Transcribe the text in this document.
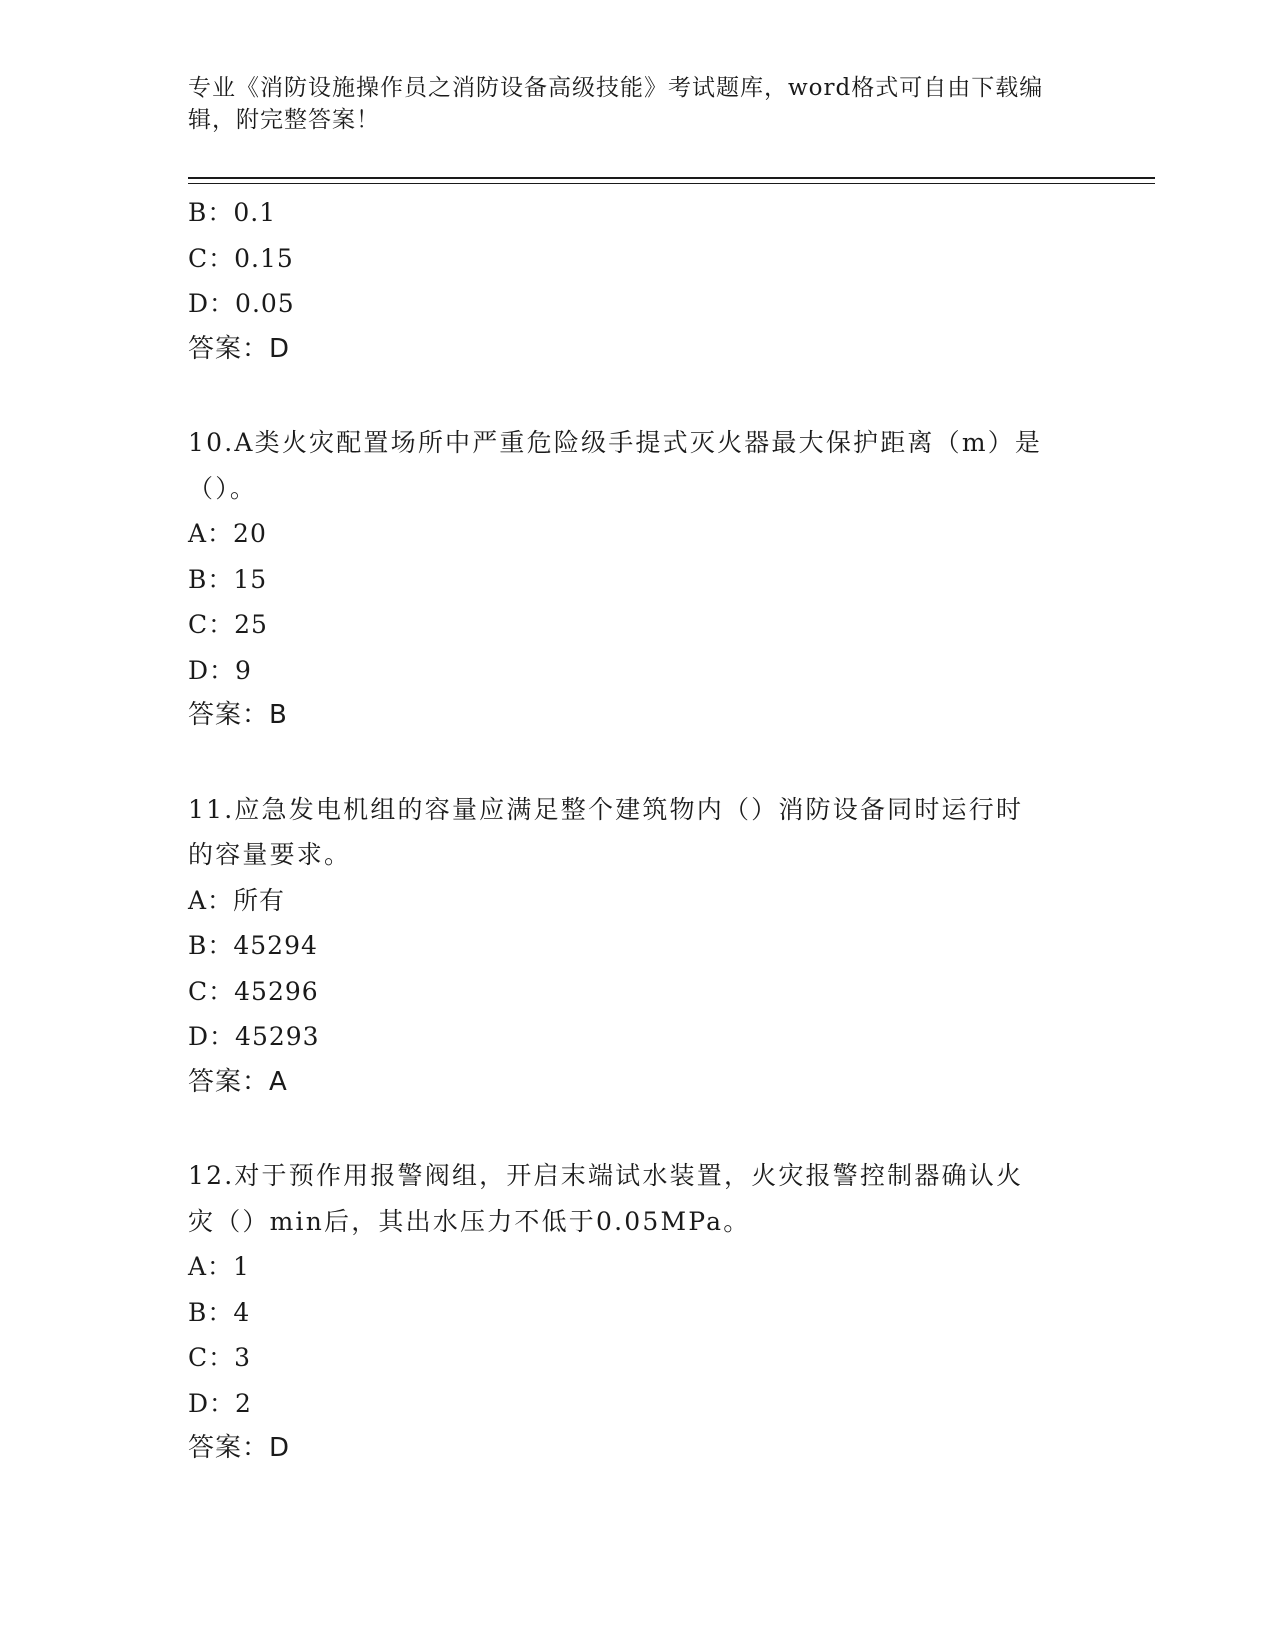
专业《消防设施操作员之消防设备高级技能》考试题库，word格式可自由下载编
辑，附完整答案！
B：0.1
C：0.15
D：0.05
答案：D
10.A类火灾配置场所中严重危险级手提式灭火器最大保护距离（m）是
（）。
A：20
B：15
C：25
D：9
答案：B
11.应急发电机组的容量应满足整个建筑物内（）消防设备同时运行时
的容量要求。
A：所有
B：45294
C：45296
D：45293
答案：A
12.对于预作用报警阀组，开启末端试水装置，火灾报警控制器确认火
灾（）min后，其出水压力不低于0.05MPa。
A：1
B：4
C：3
D：2
答案：D
